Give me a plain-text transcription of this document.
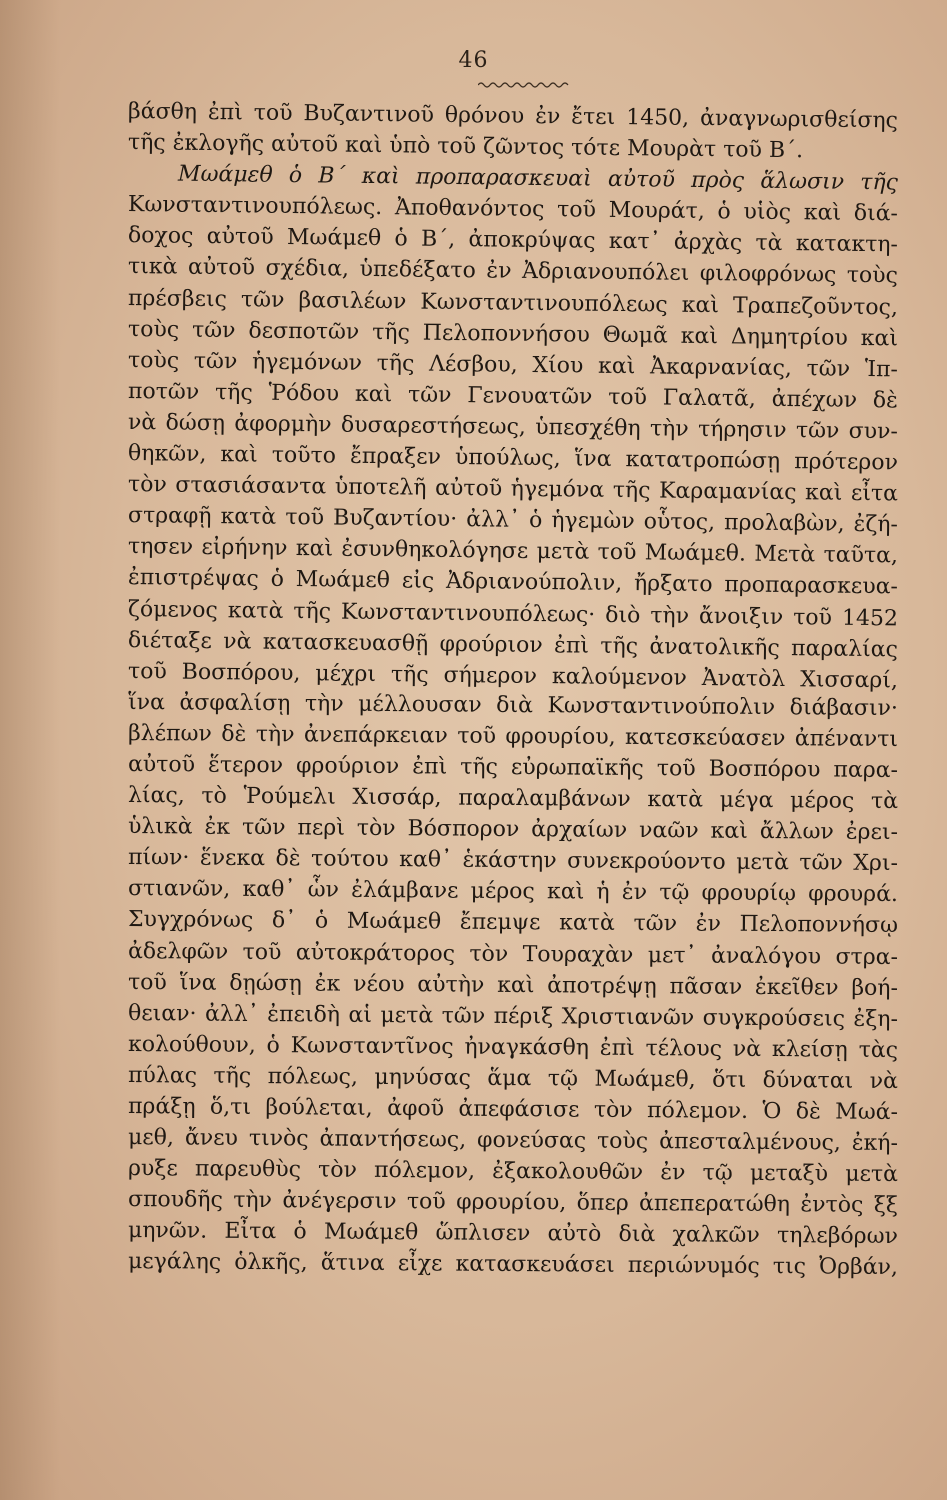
46
βάσθη ἐπὶ τοῦ Βυζαντινοῦ θρόνου ἐν ἔτει 1450, ἀναγνωρισθείσης
τῆς ἐκλογῆς αὐτοῦ καὶ ὑπὸ τοῦ ζῶντος τότε Μουρὰτ τοῦ Β΄.
Μωάμεθ ὁ Β΄ καὶ προπαρασκευαὶ αὐτοῦ πρὸς ἅλωσιν τῆς
Κωνσταντινουπόλεως. Ἀποθανόντος τοῦ Μουράτ, ὁ υἱὸς καὶ διά-
δοχος αὐτοῦ Μωάμεθ ὁ Β΄, ἀποκρύψας κατ᾽ ἀρχὰς τὰ κατακτη-
τικὰ αὐτοῦ σχέδια, ὑπεδέξατο ἐν Ἀδριανουπόλει φιλοφρόνως τοὺς
πρέσβεις τῶν βασιλέων Κωνσταντινουπόλεως καὶ Τραπεζοῦντος,
τοὺς τῶν δεσποτῶν τῆς Πελοποννήσου Θωμᾶ καὶ Δημητρίου καὶ
τοὺς τῶν ἡγεμόνων τῆς Λέσβου, Χίου καὶ Ἀκαρνανίας, τῶν Ἱπ-
ποτῶν τῆς Ῥόδου καὶ τῶν Γενουατῶν τοῦ Γαλατᾶ, ἀπέχων δὲ
νὰ δώσῃ ἀφορμὴν δυσαρεστήσεως, ὑπεσχέθη τὴν τήρησιν τῶν συν-
θηκῶν, καὶ τοῦτο ἔπραξεν ὑπούλως, ἵνα κατατροπώσῃ πρότερον
τὸν στασιάσαντα ὑποτελῆ αὐτοῦ ἡγεμόνα τῆς Καραμανίας καὶ εἶτα
στραφῇ κατὰ τοῦ Βυζαντίου· ἀλλ᾽ ὁ ἡγεμὼν οὗτος, προλαβὼν, ἐζή-
τησεν εἰρήνην καὶ ἐσυνθηκολόγησε μετὰ τοῦ Μωάμεθ. Μετὰ ταῦτα,
ἐπιστρέψας ὁ Μωάμεθ εἰς Ἀδριανούπολιν, ἤρξατο προπαρασκευα-
ζόμενος κατὰ τῆς Κωνσταντινουπόλεως· διὸ τὴν ἄνοιξιν τοῦ 1452
διέταξε νὰ κατασκευασθῇ φρούριον ἐπὶ τῆς ἀνατολικῆς παραλίας
τοῦ Βοσπόρου, μέχρι τῆς σήμερον καλούμενον Ἀνατὸλ Χισσαρί,
ἵνα ἀσφαλίσῃ τὴν μέλλουσαν διὰ Κωνσταντινούπολιν διάβασιν·
βλέπων δὲ τὴν ἀνεπάρκειαν τοῦ φρουρίου, κατεσκεύασεν ἀπέναντι
αὐτοῦ ἕτερον φρούριον ἐπὶ τῆς εὐρωπαϊκῆς τοῦ Βοσπόρου παρα-
λίας, τὸ Ῥούμελι Χισσάρ, παραλαμβάνων κατὰ μέγα μέρος τὰ
ὑλικὰ ἐκ τῶν περὶ τὸν Βόσπορον ἀρχαίων ναῶν καὶ ἄλλων ἐρει-
πίων· ἕνεκα δὲ τούτου καθ᾽ ἑκάστην συνεκρούοντο μετὰ τῶν Χρι-
στιανῶν, καθ᾽ ὧν ἐλάμβανε μέρος καὶ ἡ ἐν τῷ φρουρίῳ φρουρά.
Συγχρόνως δ᾽ ὁ Μωάμεθ ἔπεμψε κατὰ τῶν ἐν Πελοποννήσῳ
ἀδελφῶν τοῦ αὐτοκράτορος τὸν Τουραχὰν μετ᾽ ἀναλόγου στρα-
τοῦ ἵνα δῃώσῃ ἐκ νέου αὐτὴν καὶ ἀποτρέψῃ πᾶσαν ἐκεῖθεν βοή-
θειαν· ἀλλ᾽ ἐπειδὴ αἱ μετὰ τῶν πέριξ Χριστιανῶν συγκρούσεις ἐξη-
κολούθουν, ὁ Κωνσταντῖνος ἠναγκάσθη ἐπὶ τέλους νὰ κλείσῃ τὰς
πύλας τῆς πόλεως, μηνύσας ἅμα τῷ Μωάμεθ, ὅτι δύναται νὰ
πράξῃ ὅ,τι βούλεται, ἀφοῦ ἀπεφάσισε τὸν πόλεμον. Ὁ δὲ Μωά-
μεθ, ἄνευ τινὸς ἀπαντήσεως, φονεύσας τοὺς ἀπεσταλμένους, ἐκή-
ρυξε παρευθὺς τὸν πόλεμον, ἐξακολουθῶν ἐν τῷ μεταξὺ μετὰ
σπουδῆς τὴν ἀνέγερσιν τοῦ φρουρίου, ὅπερ ἀπεπερατώθη ἐντὸς ξξ
μηνῶν. Εἶτα ὁ Μωάμεθ ὥπλισεν αὐτὸ διὰ χαλκῶν τηλεβόρων
μεγάλης ὁλκῆς, ἅτινα εἶχε κατασκευάσει περιώνυμός τις Ὀρβάν,
